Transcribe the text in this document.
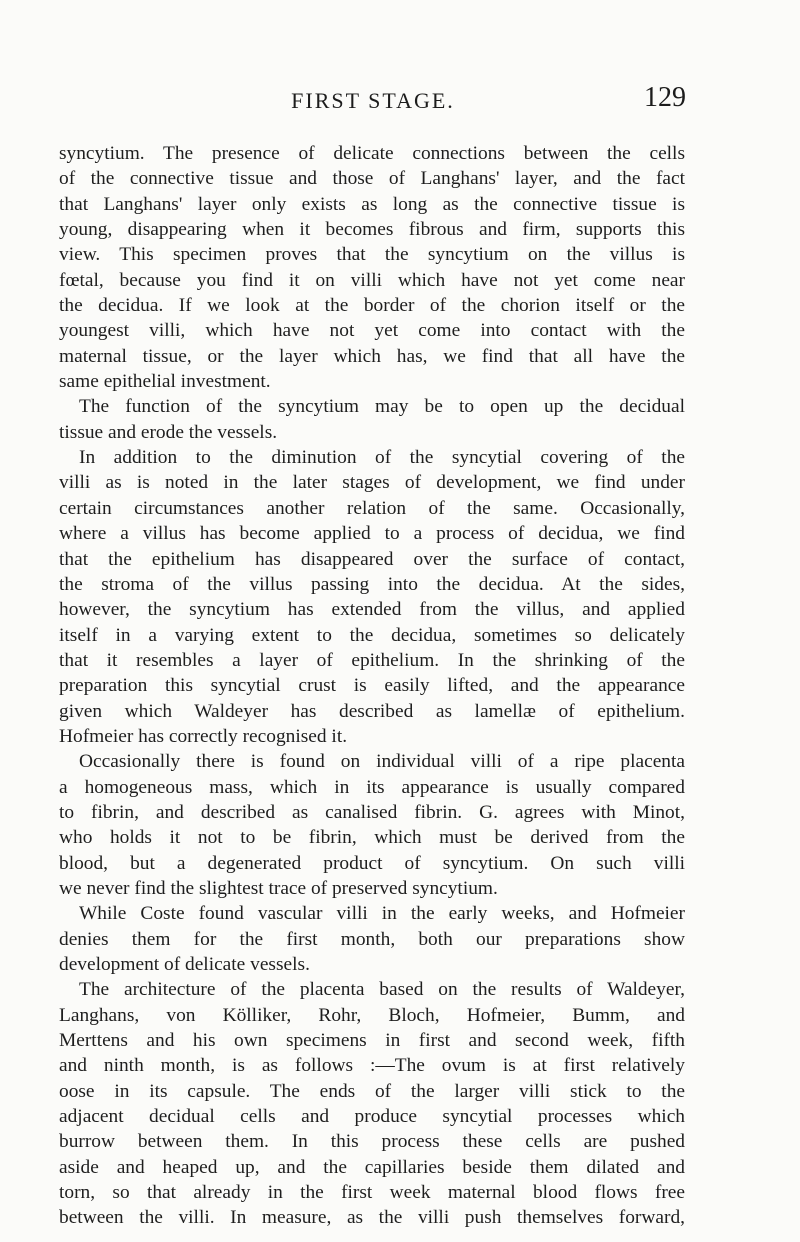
FIRST STAGE.	129
syncytium. The presence of delicate connections between the cells
of the connective tissue and those of Langhans' layer, and the fact
that Langhans' layer only exists as long as the connective tissue is
young, disappearing when it becomes fibrous and firm, supports this
view. This specimen proves that the syncytium on the villus is
fœtal, because you find it on villi which have not yet come near
the decidua. If we look at the border of the chorion itself or the
youngest villi, which have not yet come into contact with the
maternal tissue, or the layer which has, we find that all have the
same epithelial investment.
The function of the syncytium may be to open up the decidual
tissue and erode the vessels.
In addition to the diminution of the syncytial covering of the
villi as is noted in the later stages of development, we find under
certain circumstances another relation of the same. Occasionally,
where a villus has become applied to a process of decidua, we find
that the epithelium has disappeared over the surface of contact,
the stroma of the villus passing into the decidua. At the sides,
however, the syncytium has extended from the villus, and applied
itself in a varying extent to the decidua, sometimes so delicately
that it resembles a layer of epithelium. In the shrinking of the
preparation this syncytial crust is easily lifted, and the appearance
given which Waldeyer has described as lamellæ of epithelium.
Hofmeier has correctly recognised it.
Occasionally there is found on individual villi of a ripe placenta
a homogeneous mass, which in its appearance is usually compared
to fibrin, and described as canalised fibrin. G. agrees with Minot,
who holds it not to be fibrin, which must be derived from the
blood, but a degenerated product of syncytium. On such villi
we never find the slightest trace of preserved syncytium.
While Coste found vascular villi in the early weeks, and Hofmeier
denies them for the first month, both our preparations show
development of delicate vessels.
The architecture of the placenta based on the results of Waldeyer,
Langhans, von Kölliker, Rohr, Bloch, Hofmeier, Bumm, and
Merttens and his own specimens in first and second week, fifth
and ninth month, is as follows :—The ovum is at first relatively
oose in its capsule. The ends of the larger villi stick to the
adjacent decidual cells and produce syncytial processes which
burrow between them. In this process these cells are pushed
aside and heaped up, and the capillaries beside them dilated and
torn, so that already in the first week maternal blood flows free
between the villi. In measure, as the villi push themselves forward,
